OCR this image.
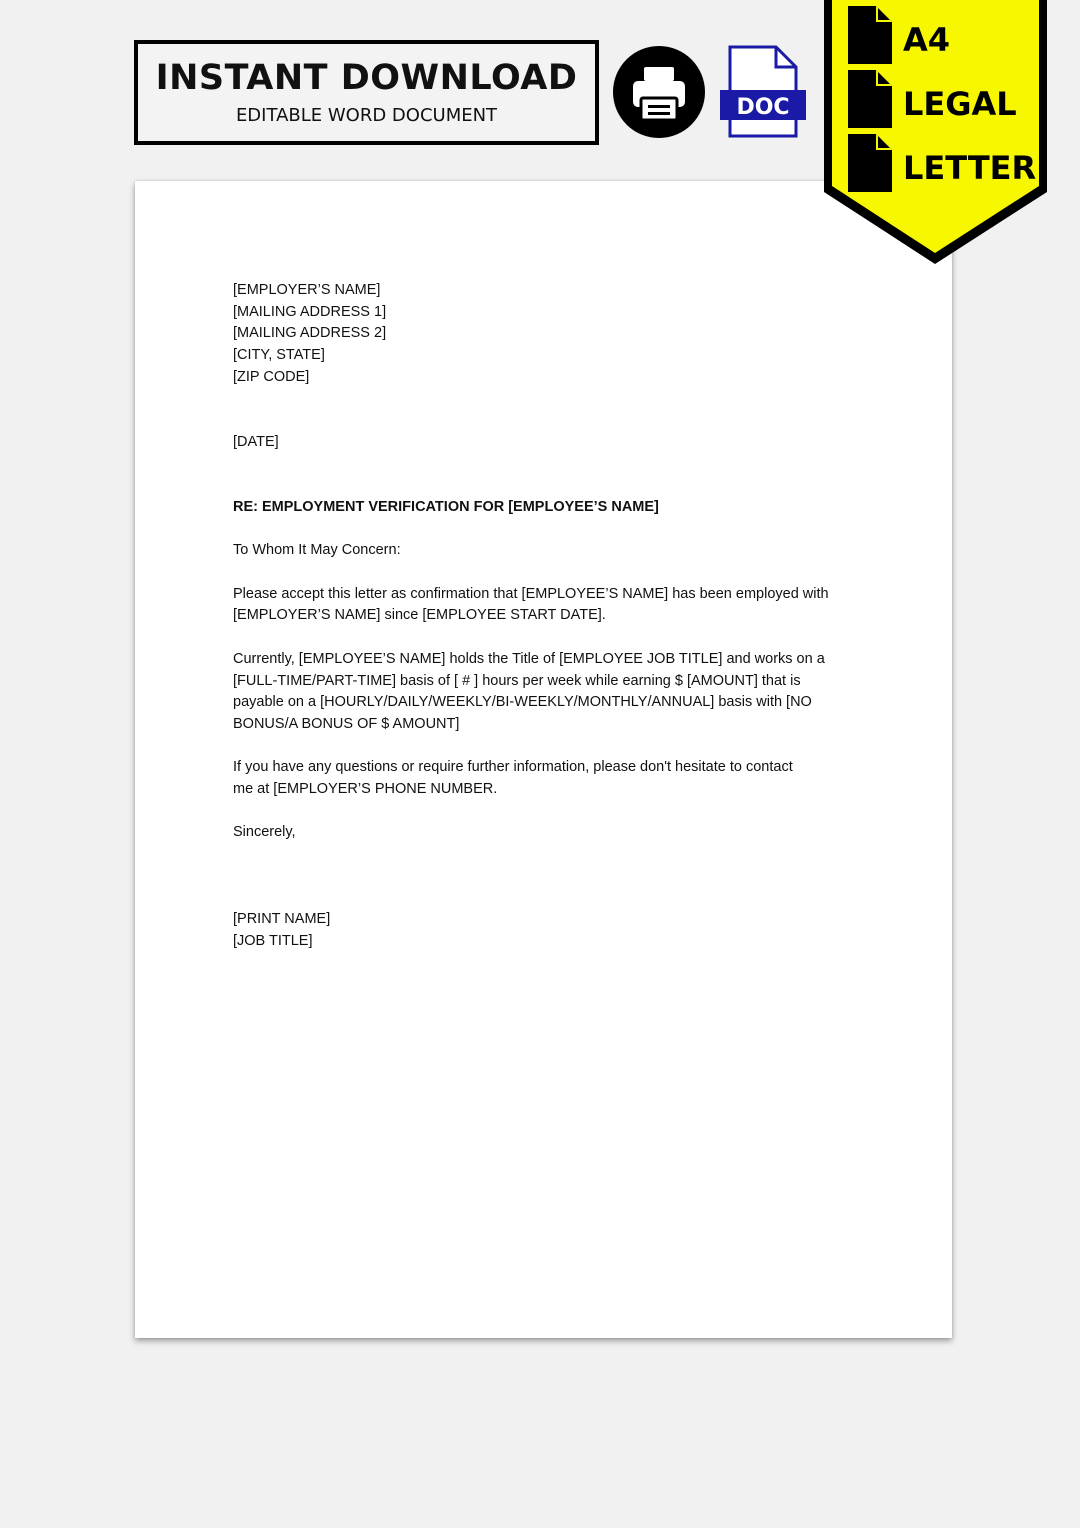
INSTANT DOWNLOAD
EDITABLE WORD DOCUMENT	DOC
[EMPLOYER’S NAME]
[MAILING ADDRESS 1]
[MAILING ADDRESS 2]
[CITY, STATE]
[ZIP CODE]
[DATE]
RE: EMPLOYMENT VERIFICATION FOR [EMPLOYEE’S NAME]
To Whom It May Concern:

Please accept this letter as confirmation that [EMPLOYEE’S NAME] has been employed with
[EMPLOYER’S NAME] since [EMPLOYEE START DATE].

Currently, [EMPLOYEE’S NAME] holds the Title of [EMPLOYEE JOB TITLE] and works on a
[FULL-TIME/PART-TIME] basis of [ # ] hours per week while earning $ [AMOUNT] that is
payable on a [HOURLY/DAILY/WEEKLY/BI-WEEKLY/MONTHLY/ANNUAL] basis with [NO
BONUS/A BONUS OF $ AMOUNT]

If you have any questions or require further information, please don't hesitate to contact
me at [EMPLOYER’S PHONE NUMBER.

Sincerely,
[PRINT NAME]
[JOB TITLE]
A4
LEGAL
LETTER
